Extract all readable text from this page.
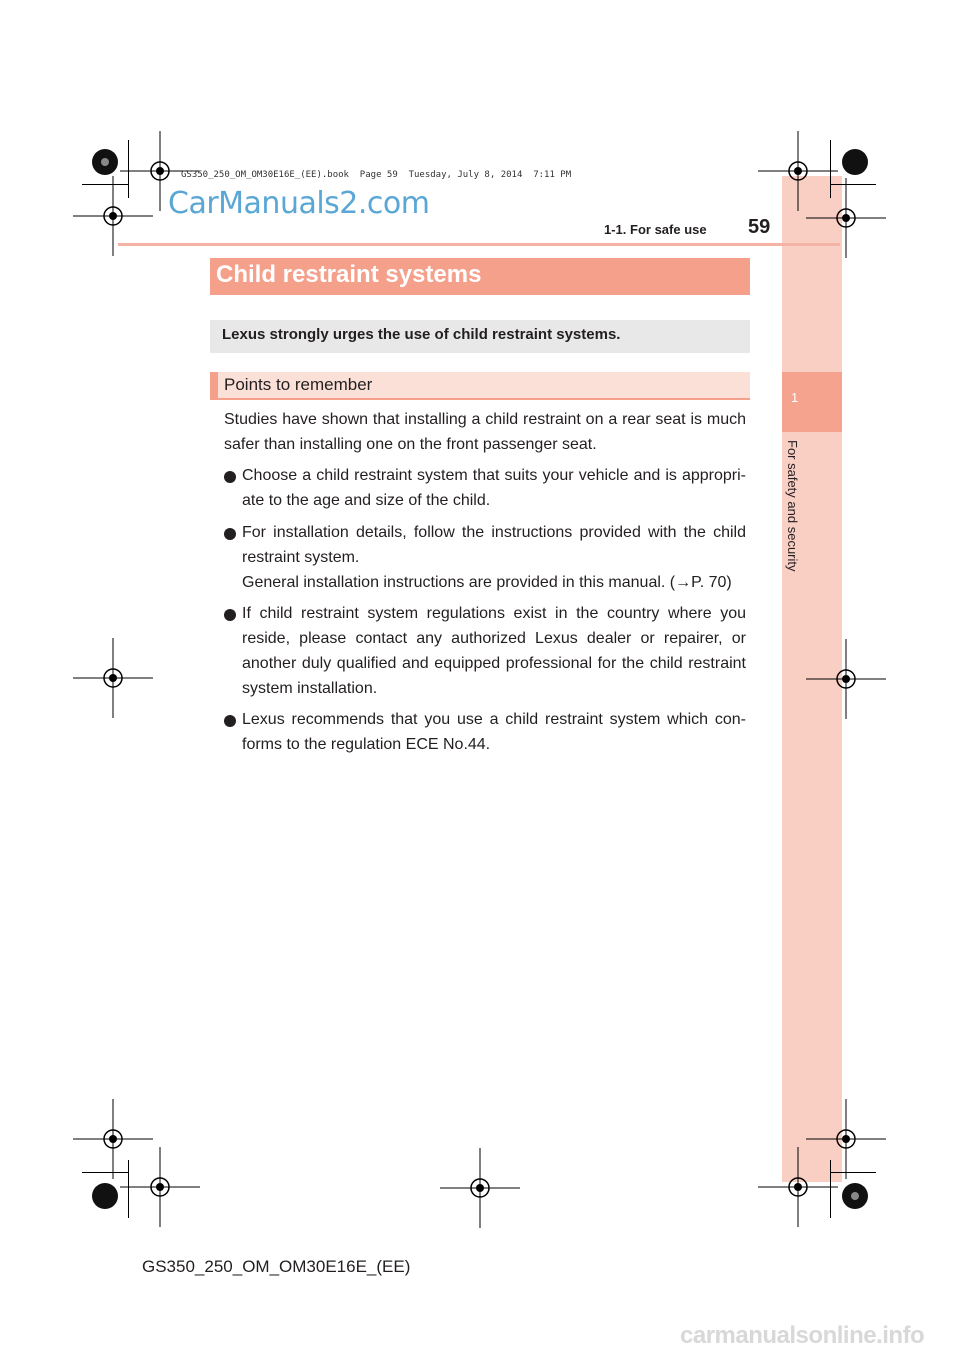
1
For safety and security
GS350_250_OM_OM30E16E_(EE).book  Page 59  Tuesday, July 8, 2014  7:11 PM
CarManuals2.com
1-1. For safe use 59
Child restraint systems
Lexus strongly urges the use of child restraint systems.
Points to remember
Studies have shown that installing a child restraint on a rear seat is much safer than installing one on the front passenger seat.
Choose a child restraint system that suits your vehicle and is appropri-ate to the age and size of the child.
For installation details, follow the instructions provided with the child restraint system.
General installation instructions are provided in this manual. (→P. 70)
If child restraint system regulations exist in the country where you reside, please contact any authorized Lexus dealer or repairer, or another duly qualified and equipped professional for the child restraint system installation.
Lexus recommends that you use a child restraint system which con-forms to the regulation ECE No.44.
GS350_250_OM_OM30E16E_(EE)
carmanualsonline.info
